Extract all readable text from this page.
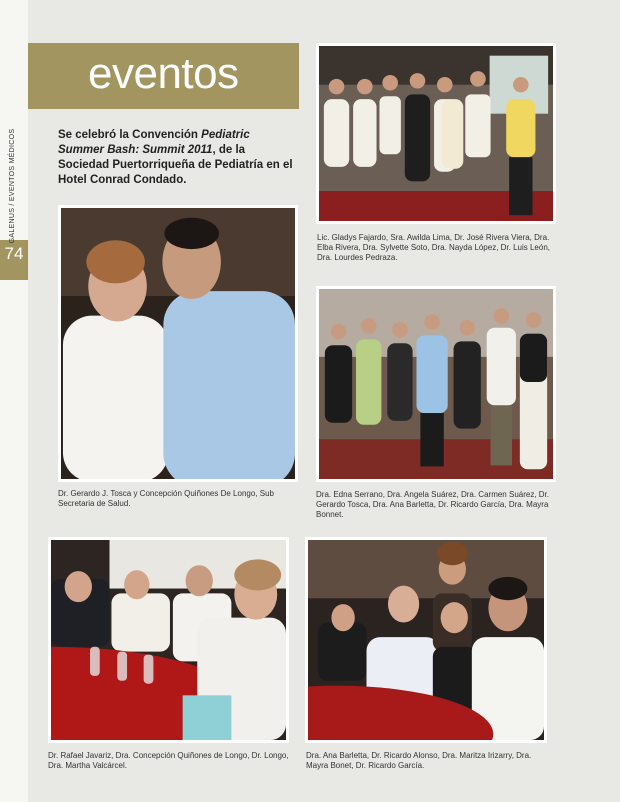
74
GALENUS / EVENTOS MÉDICOS
eventos
Se celebró la Convención Pediatric Summer Bash: Summit 2011, de la Sociedad Puertorriqueña de Pediatría en el Hotel Conrad Condado.
Lic. Gladys Fajardo, Sra. Awilda Lima, Dr. José Rivera Viera, Dra. Elba Rivera, Dra. Sylvette Soto, Dra. Nayda López, Dr. Luis León, Dra. Lourdes Pedraza.
Dr. Gerardo J. Tosca y Concepción Quiñones De Longo, Sub Secretaria de Salud.
Dra. Edna Serrano, Dra. Angela Suárez, Dra. Carmen Suárez, Dr. Gerardo Tosca, Dra. Ana Barletta, Dr. Ricardo García, Dra. Mayra Bonnet.
Dr. Rafael Javariz, Dra. Concepción Quiñones de Longo, Dr. Longo, Dra. Martha Valcárcel.
Dra. Ana Barletta, Dr. Ricardo Alonso, Dra. Maritza Irizarry, Dra. Mayra Bonet, Dr. Ricardo García.
